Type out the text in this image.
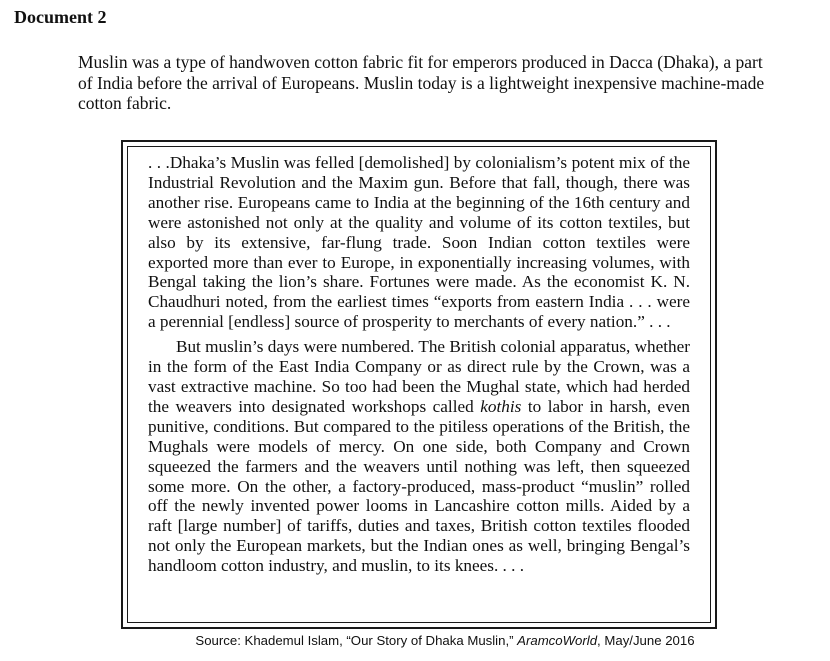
Document 2

Muslin was a type of handwoven cotton fabric fit for emperors produced in Dacca (Dhaka), a part of India before the arrival of Europeans. Muslin today is a lightweight inexpensive machine-made cotton fabric.

. . .Dhaka’s Muslin was felled [demolished] by colonialism’s potent mix of the Industrial Revolution and the Maxim gun. Before that fall, though, there was another rise. Europeans came to India at the beginning of the 16th century and were astonished not only at the quality and volume of its cotton textiles, but also by its extensive, far-flung trade. Soon Indian cotton textiles were exported more than ever to Europe, in exponentially increasing volumes, with Bengal taking the lion’s share. Fortunes were made. As the economist K. N. Chaudhuri noted, from the earliest times “exports from eastern India . . . were a perennial [endless] source of prosperity to merchants of every nation.” . . .

But muslin’s days were numbered. The British colonial apparatus, whether in the form of the East India Company or as direct rule by the Crown, was a vast extractive machine. So too had been the Mughal state, which had herded the weavers into designated workshops called kothis to labor in harsh, even punitive, conditions. But compared to the pitiless operations of the British, the Mughals were models of mercy. On one side, both Company and Crown squeezed the farmers and the weavers until nothing was left, then squeezed some more. On the other, a factory-produced, mass-product “muslin” rolled off the newly invented power looms in Lancashire cotton mills. Aided by a raft [large number] of tariffs, duties and taxes, British cotton textiles flooded not only the European markets, but the Indian ones as well, bringing Bengal’s handloom cotton industry, and muslin, to its knees. . . .

Source: Khademul Islam, “Our Story of Dhaka Muslin,” AramcoWorld, May/June 2016
